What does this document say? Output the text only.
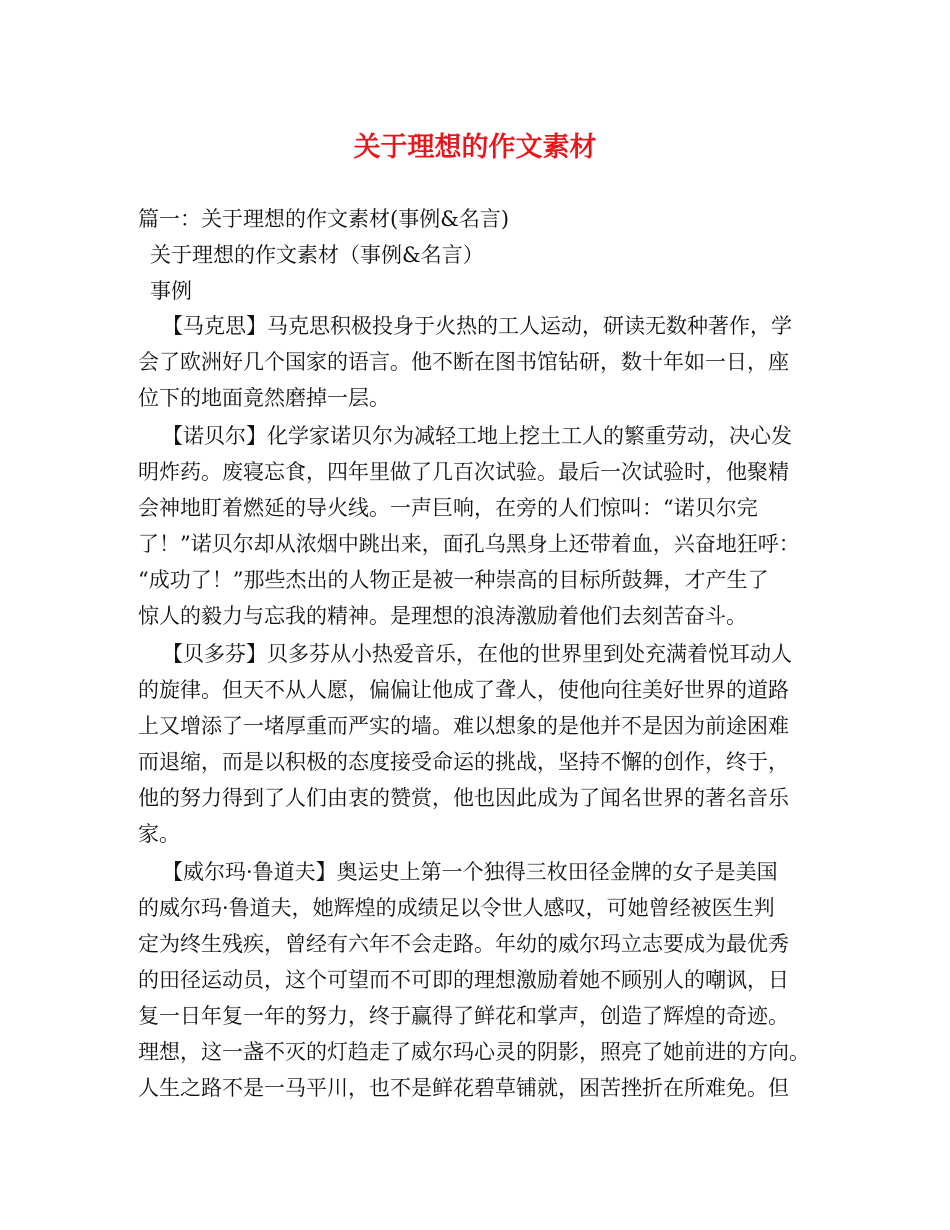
关于理想的作文素材
篇一：关于理想的作文素材(事例&名言)
关于理想的作文素材（事例&名言）
事例
【马克思】马克思积极投身于火热的工人运动，研读无数种著作，学
会了欧洲好几个国家的语言。他不断在图书馆钻研，数十年如一日，座
位下的地面竟然磨掉一层。
【诺贝尔】化学家诺贝尔为减轻工地上挖土工人的繁重劳动，决心发
明炸药。废寝忘食，四年里做了几百次试验。最后一次试验时，他聚精
会神地盯着燃延的导火线。一声巨响，在旁的人们惊叫：“诺贝尔完
了！”诺贝尔却从浓烟中跳出来，面孔乌黑身上还带着血，兴奋地狂呼：
“成功了！”那些杰出的人物正是被一种崇高的目标所鼓舞，才产生了
惊人的毅力与忘我的精神。是理想的浪涛激励着他们去刻苦奋斗。
【贝多芬】贝多芬从小热爱音乐，在他的世界里到处充满着悦耳动人
的旋律。但天不从人愿，偏偏让他成了聋人，使他向往美好世界的道路
上又增添了一堵厚重而严实的墙。难以想象的是他并不是因为前途困难
而退缩，而是以积极的态度接受命运的挑战，坚持不懈的创作，终于，
他的努力得到了人们由衷的赞赏，他也因此成为了闻名世界的著名音乐
家。
【威尔玛·鲁道夫】奥运史上第一个独得三枚田径金牌的女子是美国
的威尔玛·鲁道夫，她辉煌的成绩足以令世人感叹，可她曾经被医生判
定为终生残疾，曾经有六年不会走路。年幼的威尔玛立志要成为最优秀
的田径运动员，这个可望而不可即的理想激励着她不顾别人的嘲讽，日
复一日年复一年的努力，终于赢得了鲜花和掌声，创造了辉煌的奇迹。
理想，这一盏不灭的灯趋走了威尔玛心灵的阴影，照亮了她前进的方向。
人生之路不是一马平川，也不是鲜花碧草铺就，困苦挫折在所难免。但
